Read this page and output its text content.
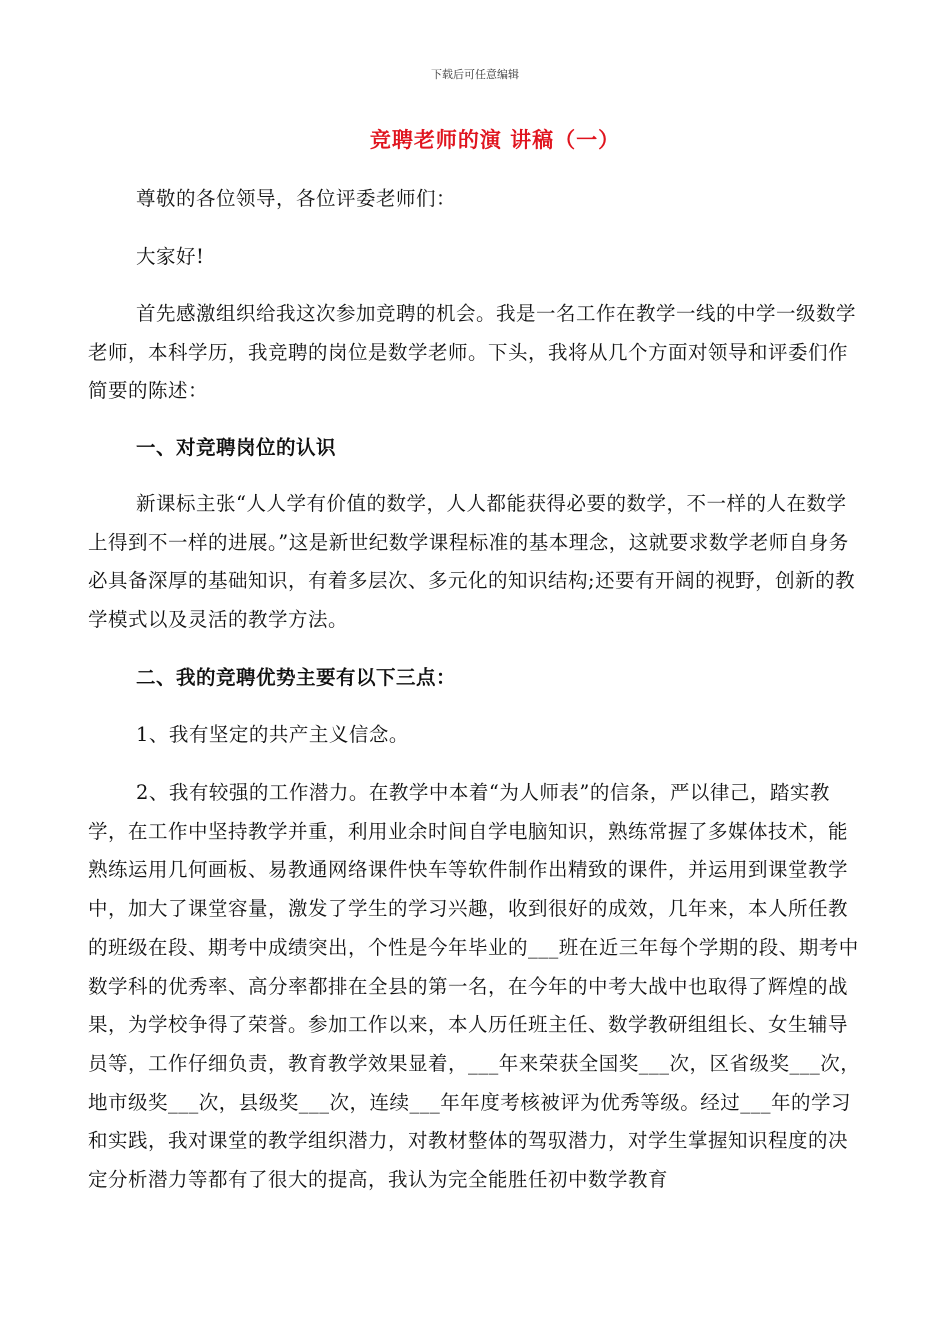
下载后可任意编辑
竞聘老师的演 讲稿（一）
尊敬的各位领导，各位评委老师们：
大家好!
首先感激组织给我这次参加竞聘的机会。我是一名工作在教学一线的中学一级数学老师，本科学历，我竞聘的岗位是数学老师。下头，我将从几个方面对领导和评委们作简要的陈述：
一、对竞聘岗位的认识
新课标主张“人人学有价值的数学，人人都能获得必要的数学，不一样的人在数学上得到不一样的进展。”这是新世纪数学课程标准的基本理念，这就要求数学老师自身务必具备深厚的基础知识，有着多层次、多元化的知识结构;还要有开阔的视野，创新的教学模式以及灵活的教学方法。
二、我的竞聘优势主要有以下三点：
1、我有坚定的共产主义信念。
2、我有较强的工作潜力。在教学中本着“为人师表”的信条，严以律己，踏实教学，在工作中坚持教学并重，利用业余时间自学电脑知识，熟练常握了多媒体技术，能熟练运用几何画板、易教通网络课件快车等软件制作出精致的课件，并运用到课堂教学中，加大了课堂容量，激发了学生的学习兴趣，收到很好的成效，几年来，本人所任教的班级在段、期考中成绩突出，个性是今年毕业的___班在近三年每个学期的段、期考中数学科的优秀率、高分率都排在全县的第一名，在今年的中考大战中也取得了辉煌的战果，为学校争得了荣誉。参加工作以来，本人历任班主任、数学教研组组长、女生辅导员等，工作仔细负责，教育教学效果显着，___年来荣获全国奖___次，区省级奖___次，地市级奖___次，县级奖___次，连续___年年度考核被评为优秀等级。经过___年的学习和实践，我对课堂的教学组织潜力，对教材整体的驾驭潜力，对学生掌握知识程度的决定分析潜力等都有了很大的提高，我认为完全能胜任初中数学教育
